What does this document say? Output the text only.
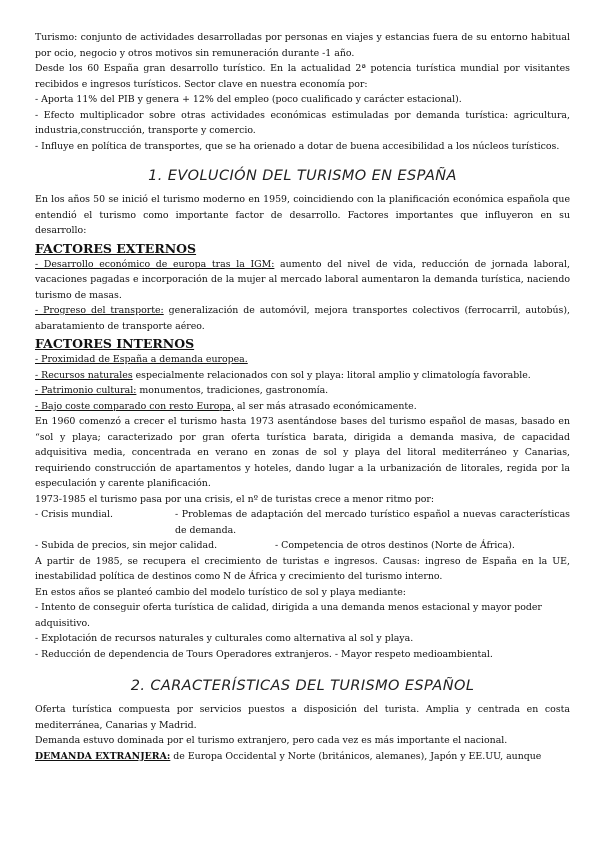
Turismo: conjunto de actividades desarrolladas por personas en viajes y estancias fuera de su entorno habitual por ocio, negocio y otros motivos sin remuneración durante -1 año.

Desde los 60 España gran desarrollo turístico. En la actualidad 2ª potencia turística mundial por visitantes recibidos e ingresos turísticos. Sector clave en nuestra economía por:

- Aporta 11% del PIB y genera + 12% del empleo (poco cualificado y carácter estacional).

- Efecto multiplicador sobre otras actividades económicas estimuladas por demanda turística: agricultura, industria,construcción, transporte y comercio.

- Influye en política de transportes, que se ha orienado a dotar de buena accesibilidad a los núcleos turísticos.

1. EVOLUCIÓN DEL TURISMO EN ESPAÑA

En los años 50 se inició el turismo moderno en 1959, coincidiendo con la planificación económica española que entendió el turismo como importante factor de desarrollo. Factores importantes que influyeron en su desarrollo:

FACTORES EXTERNOS

- Desarrollo económico de europa tras la IGM: aumento del nivel de vida, reducción de jornada laboral, vacaciones pagadas e incorporación de la mujer al mercado laboral aumentaron la demanda turística, naciendo turismo de masas.

- Progreso del transporte: generalización de automóvil, mejora transportes colectivos (ferrocarril, autobús), abaratamiento de transporte aéreo.

FACTORES INTERNOS

- Proximidad de España a demanda europea.

- Recursos naturales especialmente relacionados con sol y playa: litoral amplio y climatología favorable.

- Patrimonio cultural: monumentos, tradiciones, gastronomía.

- Bajo coste comparado con resto Europa, al ser más atrasado económicamente.

En 1960 comenzó a crecer el turismo hasta 1973 asentándose bases del turismo español de masas, basado en “sol y playa; caracterizado por gran oferta turística barata, dirigida a demanda masiva, de capacidad adquisitiva media, concentrada en verano en zonas de sol y playa del litoral mediterráneo y Canarias, requiriendo construcción de apartamentos y hoteles, dando lugar a la urbanización de litorales, regida por la especulación y carente planificación.

1973-1985 el turismo pasa por una crisis, el nº de turistas crece a menor ritmo por:

- Crisis mundial.	- Problemas de adaptación del mercado turístico español a nuevas características de demanda.
- Subida de precios, sin mejor calidad.	- Competencia de otros destinos (Norte de África).

A partir de 1985, se recupera el crecimiento de turistas e ingresos. Causas: ingreso de España en la UE, inestabilidad política de destinos como N de África y crecimiento del turismo interno.

En estos años se planteó cambio del modelo turístico de sol y playa mediante:

- Intento de conseguir oferta turística de calidad, dirigida a una demanda menos estacional y mayor poder adquisitivo.

- Explotación de recursos naturales y culturales como alternativa al sol y playa.

- Reducción de dependencia de Tours Operadores extranjeros. - Mayor respeto medioambiental.

2. CARACTERÍSTICAS DEL TURISMO ESPAÑOL

Oferta turística compuesta por servicios puestos a disposición del turista. Amplia y centrada en costa mediterránea, Canarias y Madrid.

Demanda estuvo dominada por el turismo extranjero, pero cada vez es más importante el nacional.

DEMANDA EXTRANJERA: de Europa Occidental y Norte (británicos, alemanes), Japón y EE.UU, aunque
